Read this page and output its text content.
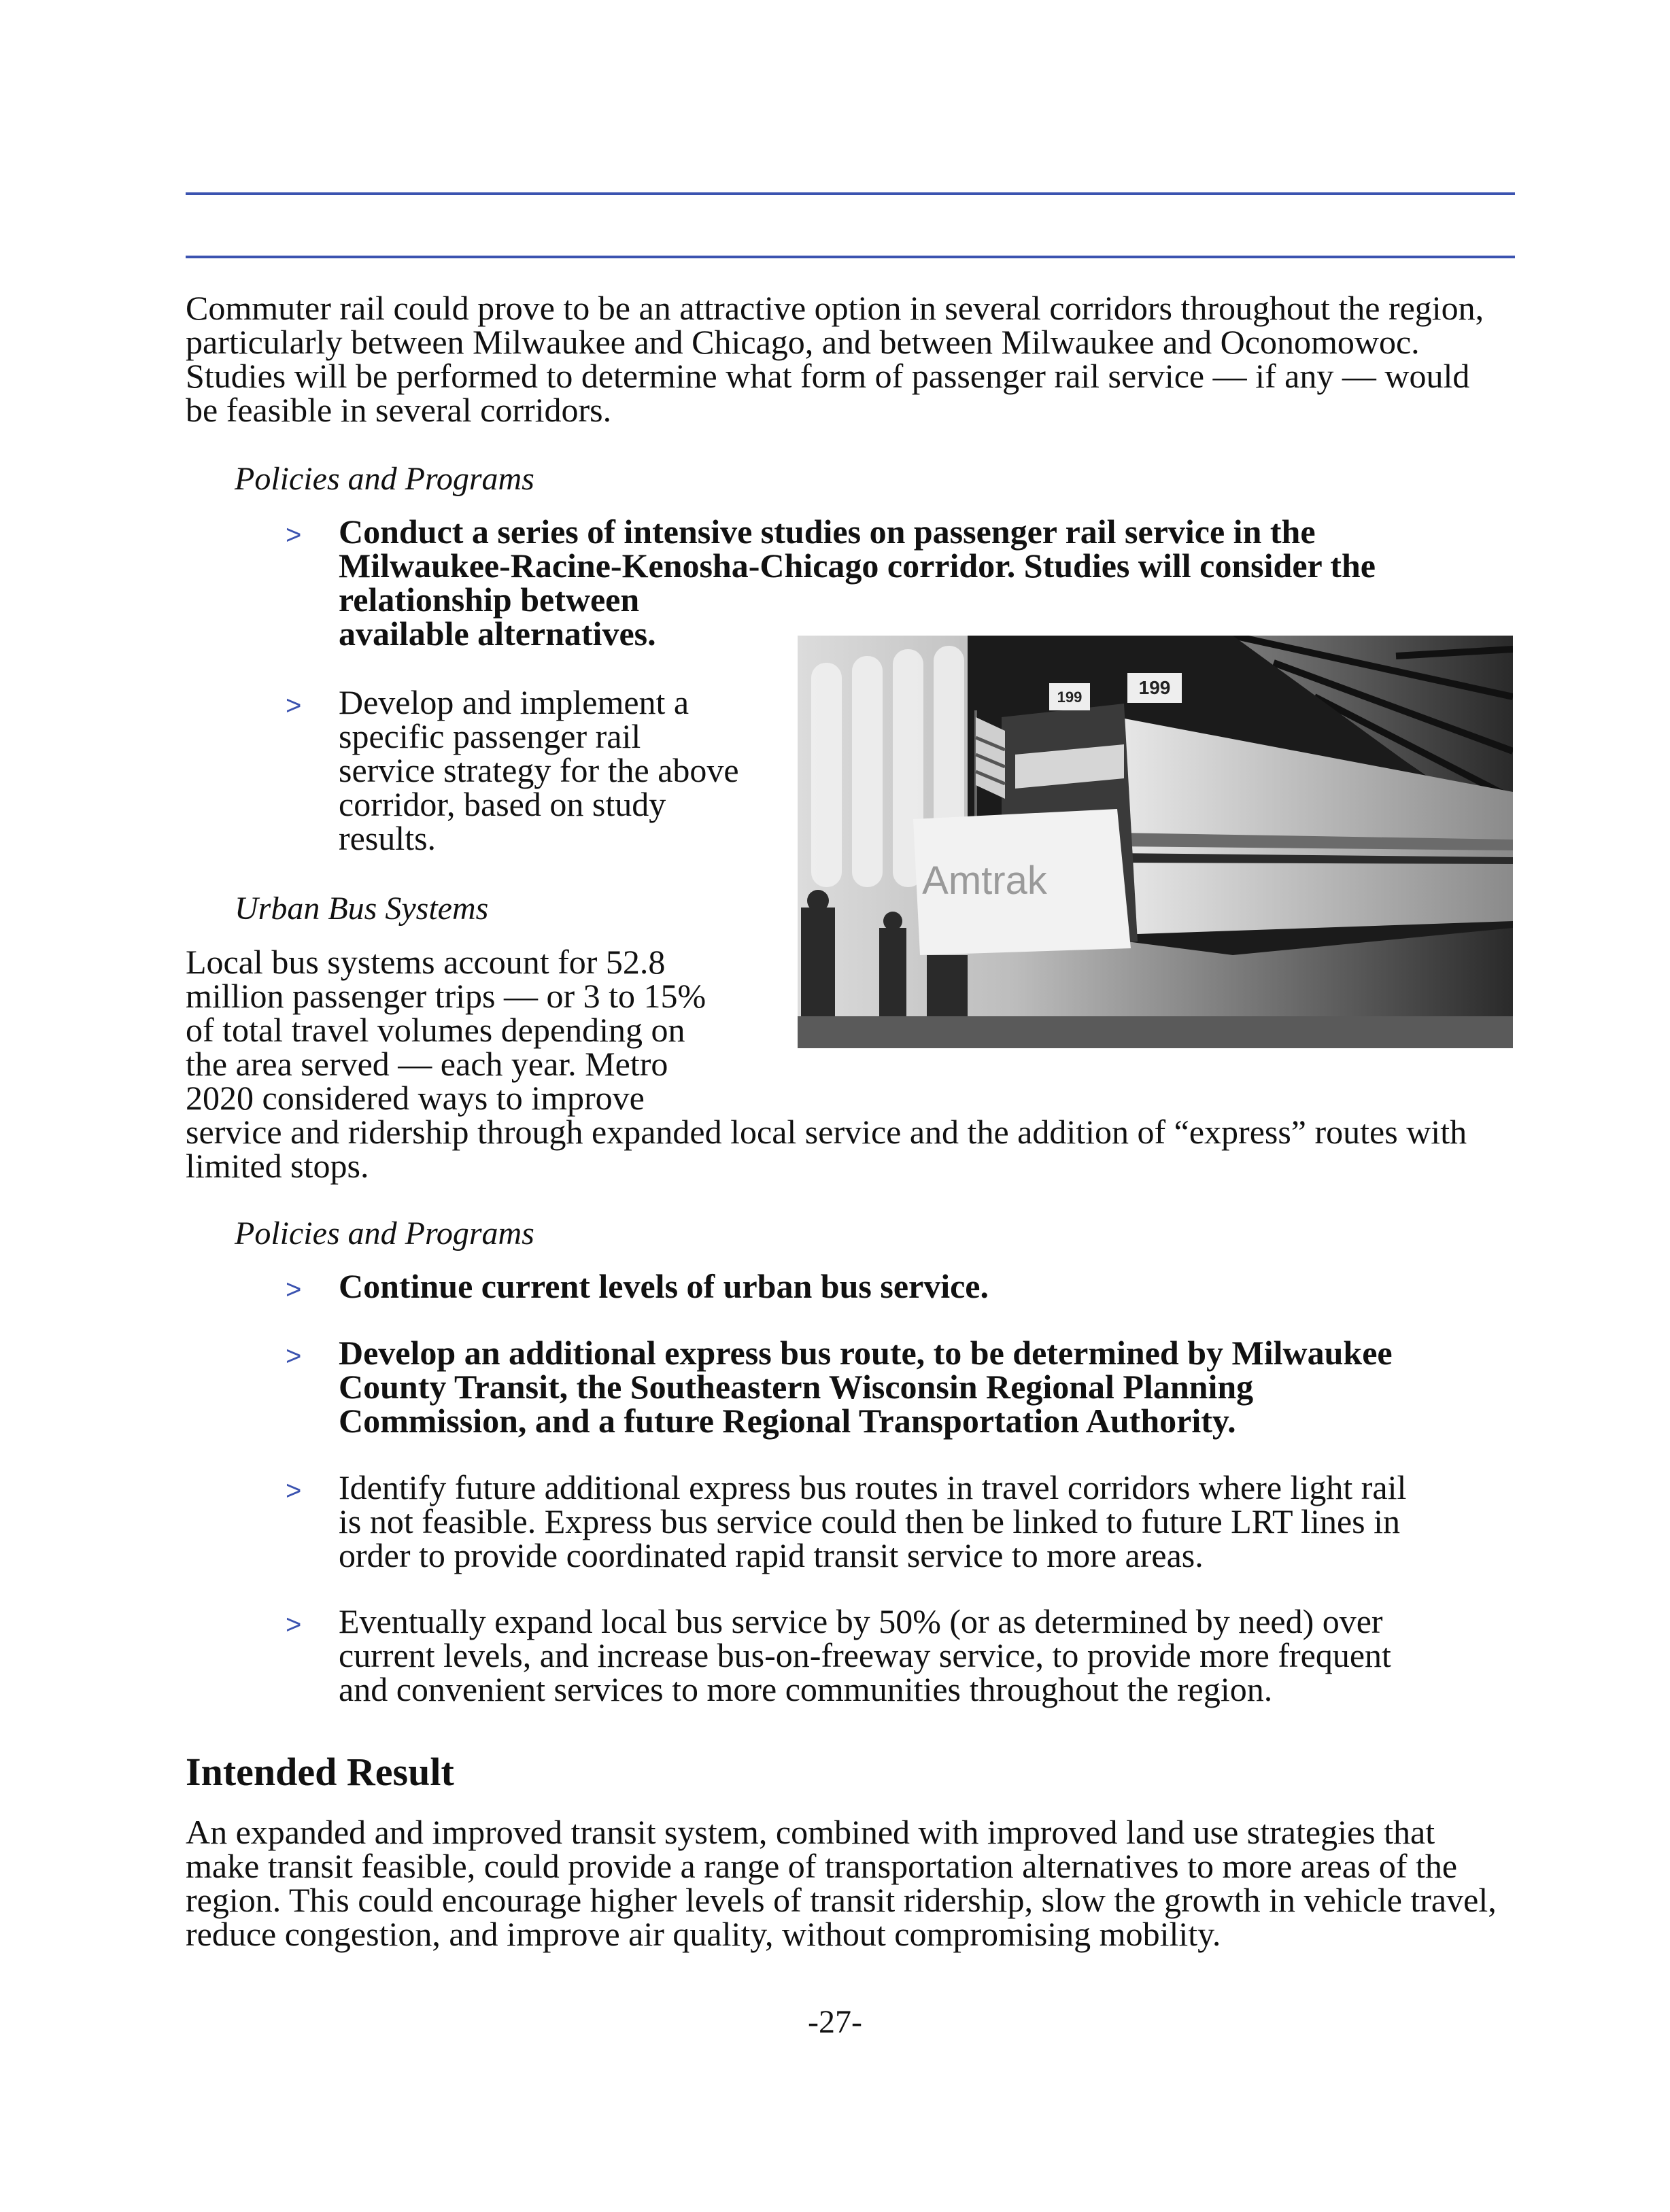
Commuter rail could prove to be an attractive option in several corridors throughout the region,

particularly between Milwaukee and Chicago, and between Milwaukee and Oconomowoc.

Studies will be performed to determine what form of passenger rail service — if any — would

be feasible in several corridors.

Policies and Programs

> Conduct a series of intensive studies on passenger rail service in the
Milwaukee-Racine-Kenosha-Chicago corridor. Studies will consider the
relationship between
available alternatives.
> Develop and implement a
specific passenger rail
service strategy for the above
corridor, based on study
results.
199	199
Amtrak

Urban Bus Systems

Local bus systems account for 52.8

million passenger trips — or 3 to 15%

of total travel volumes depending on

the area served — each year. Metro

2020 considered ways to improve

service and ridership through expanded local service and the addition of “express” routes with

limited stops.

Policies and Programs

> Continue current levels of urban bus service.
> Develop an additional express bus route, to be determined by Milwaukee
County Transit, the Southeastern Wisconsin Regional Planning
Commission, and a future Regional Transportation Authority.
> Identify future additional express bus routes in travel corridors where light rail
is not feasible. Express bus service could then be linked to future LRT lines in
order to provide coordinated rapid transit service to more areas.
> Eventually expand local bus service by 50% (or as determined by need) over
current levels, and increase bus-on-freeway service, to provide more frequent
and convenient services to more communities throughout the region.
Intended Result

An expanded and improved transit system, combined with improved land use strategies that

make transit feasible, could provide a range of transportation alternatives to more areas of the

region. This could encourage higher levels of transit ridership, slow the growth in vehicle travel,

reduce congestion, and improve air quality, without compromising mobility.

-27-
